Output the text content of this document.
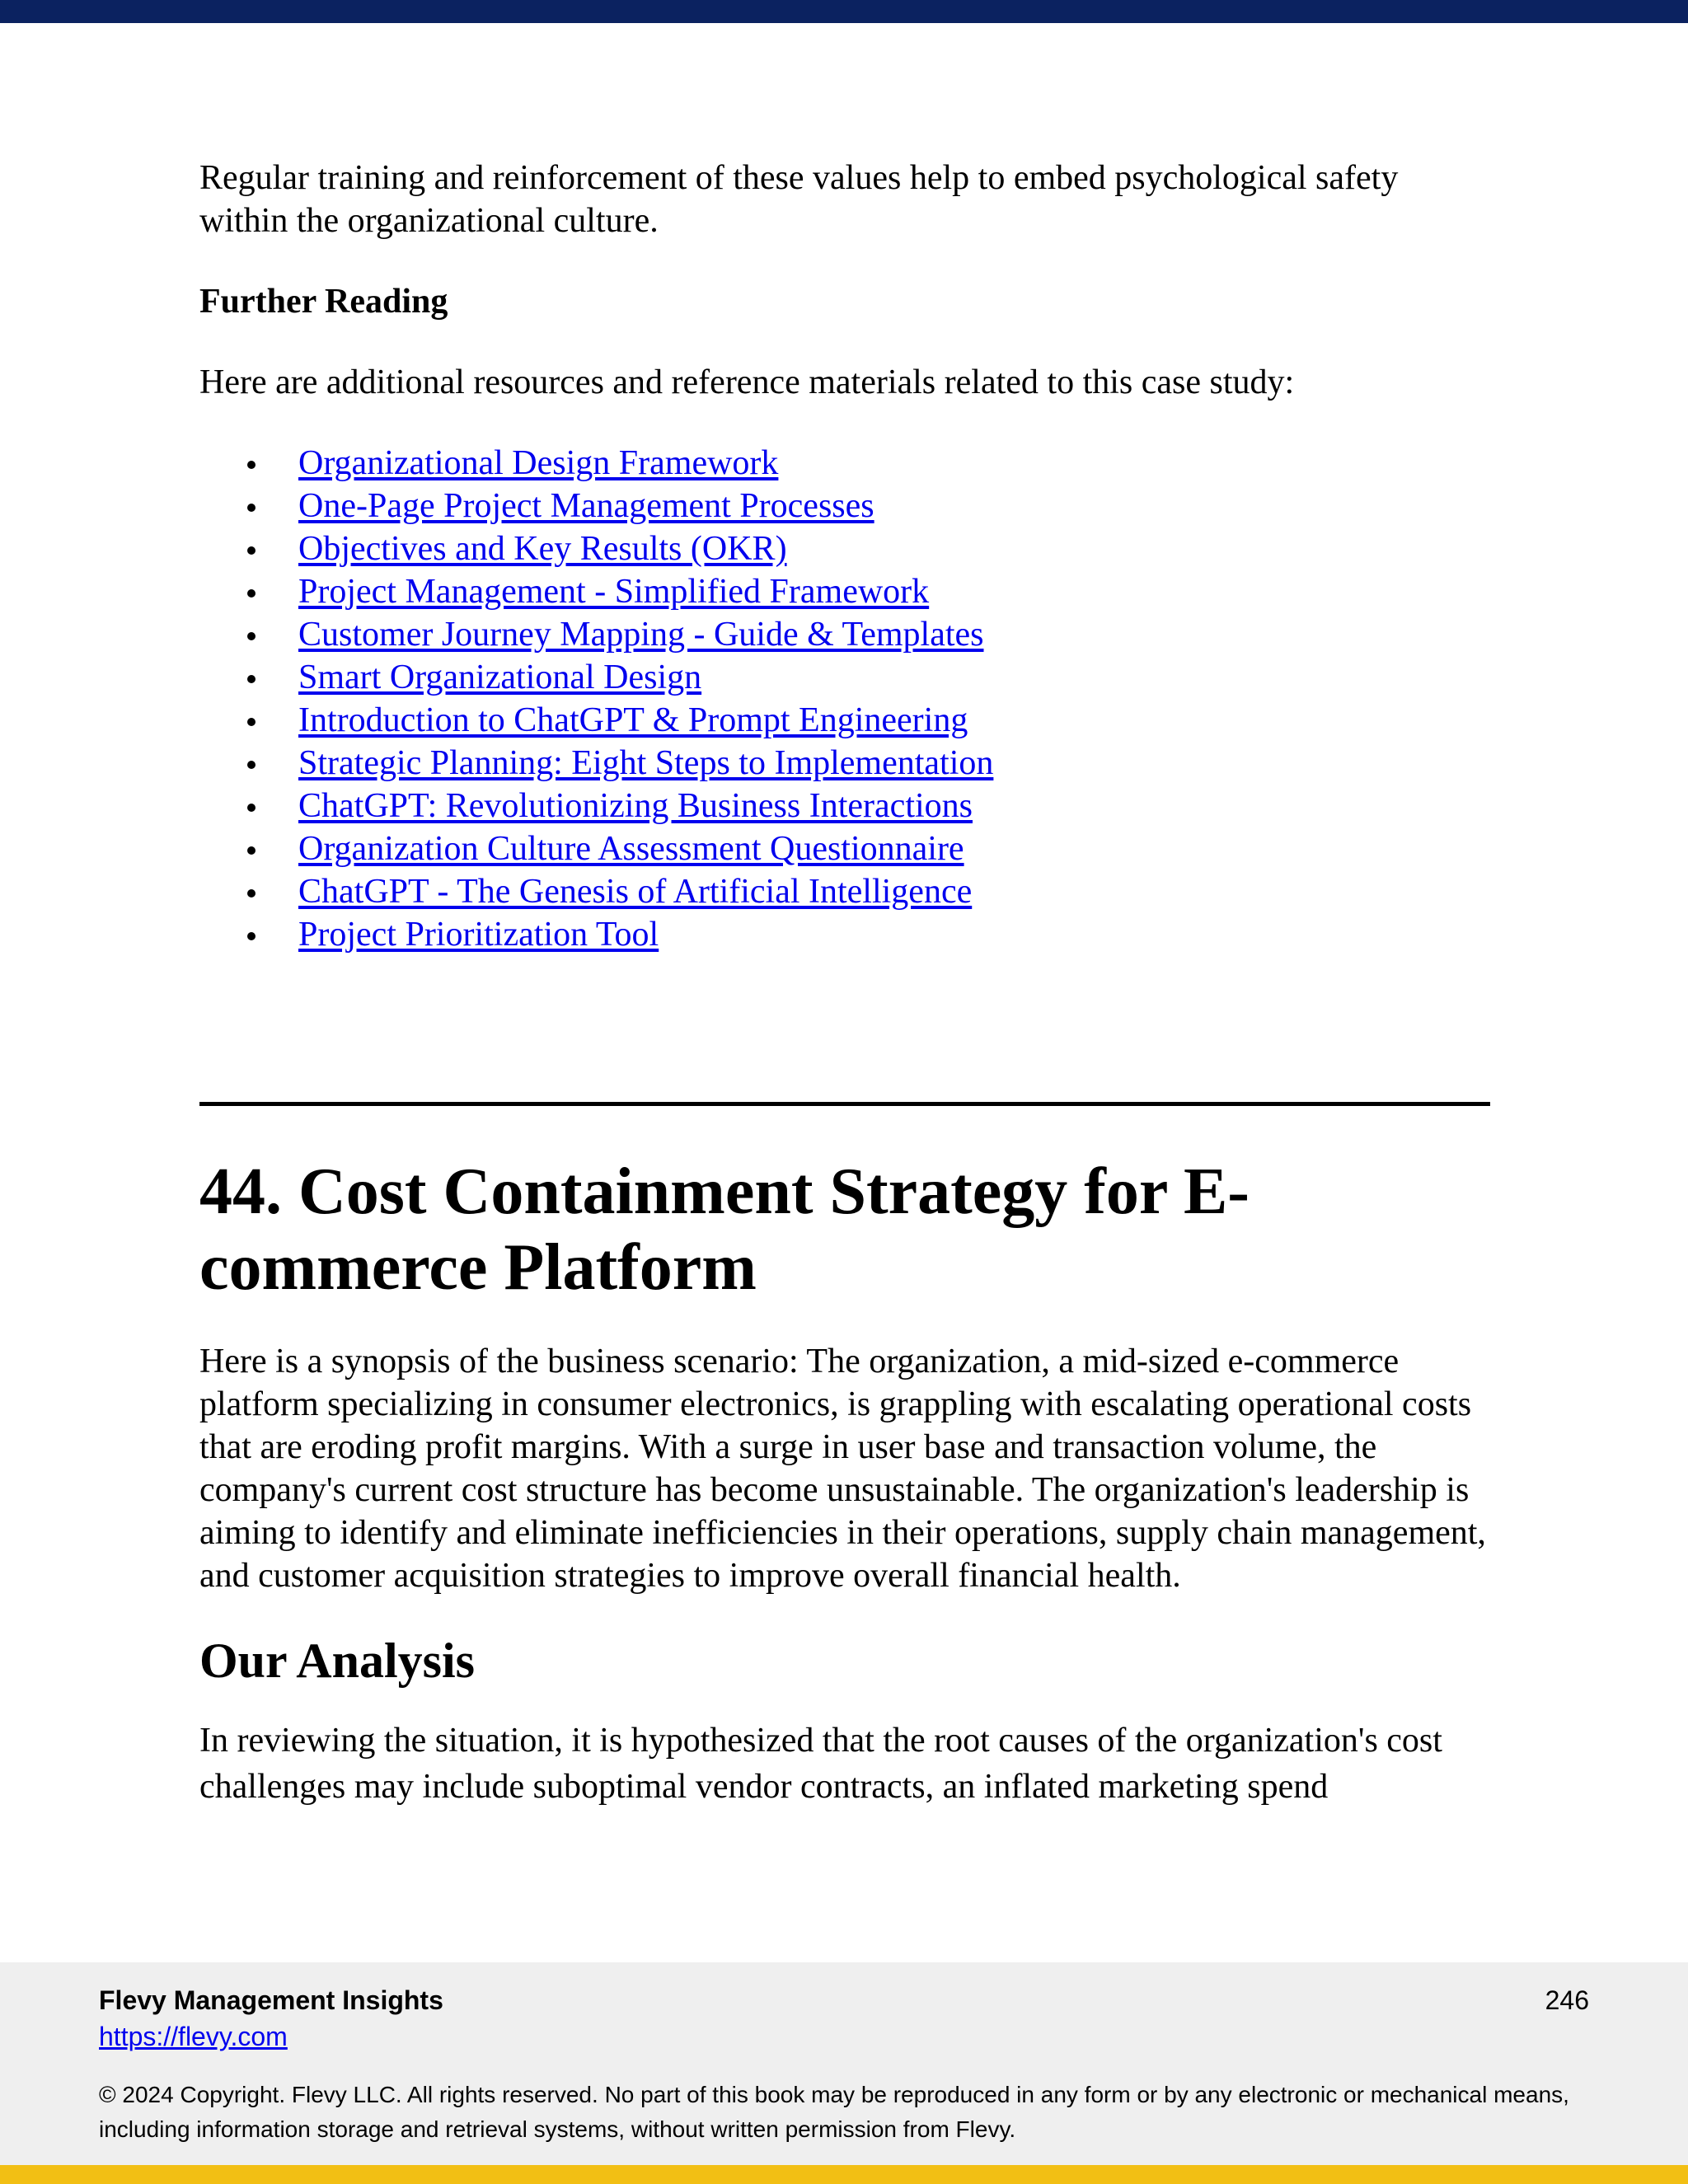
Regular training and reinforcement of these values help to embed psychological safety within the organizational culture.

Further Reading

Here are additional resources and reference materials related to this case study:

Organizational Design Framework
One-Page Project Management Processes
Objectives and Key Results (OKR)
Project Management - Simplified Framework
Customer Journey Mapping - Guide & Templates
Smart Organizational Design
Introduction to ChatGPT & Prompt Engineering
Strategic Planning: Eight Steps to Implementation
ChatGPT: Revolutionizing Business Interactions
Organization Culture Assessment Questionnaire
ChatGPT - The Genesis of Artificial Intelligence
Project Prioritization Tool
44. Cost Containment Strategy for E-
commerce Platform

Here is a synopsis of the business scenario: The organization, a mid-sized e-commerce platform specializing in consumer electronics, is grappling with escalating operational costs that are eroding profit margins. With a surge in user base and transaction volume, the company's current cost structure has become unsustainable. The organization's leadership is aiming to identify and eliminate inefficiencies in their operations, supply chain management, and customer acquisition strategies to improve overall financial health.

Our Analysis

In reviewing the situation, it is hypothesized that the root causes of the organization's cost challenges may include suboptimal vendor contracts, an inflated marketing spend

Flevy Management Insights
https://flevy.com
© 2024 Copyright. Flevy LLC. All rights reserved. No part of this book may be reproduced in any form or by any electronic or mechanical means, including information storage and retrieval systems, without written permission from Flevy.
246
